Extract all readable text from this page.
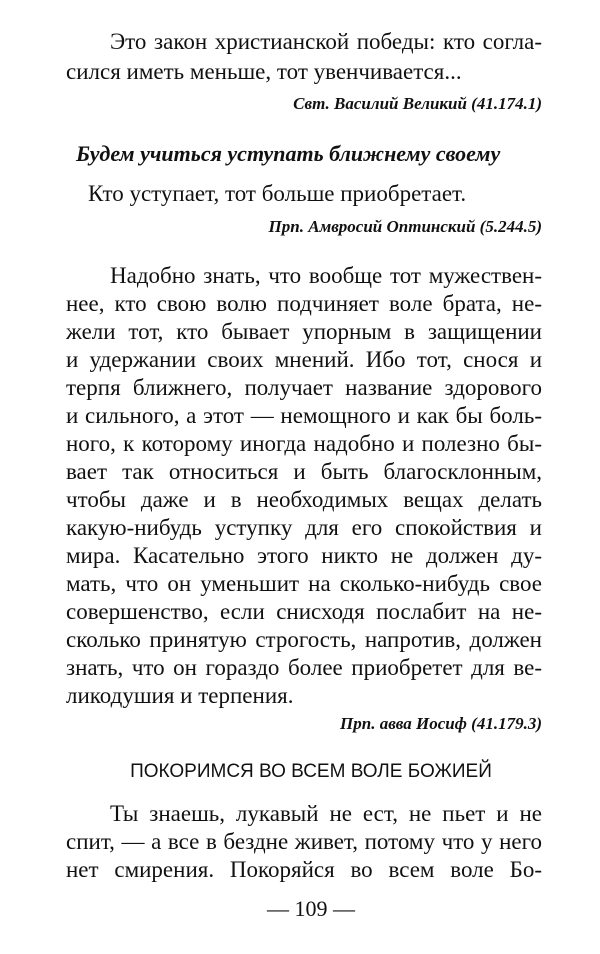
Это закон христианской победы: кто согла-
сился иметь меньше, тот увенчивается...
Свт. Василий Великий (41.174.1)
Будем учиться уступать ближнему своему
Кто уступает, тот больше приобретает.
Прп. Амвросий Оптинский (5.244.5)
Надобно знать, что вообще тот мужествен-
нее, кто свою волю подчиняет воле брата, не-
жели тот, кто бывает упорным в защищении
и удержании своих мнений. Ибо тот, снося и
терпя ближнего, получает название здорового
и сильного, а этот — немощного и как бы боль-
ного, к которому иногда надобно и полезно бы-
вает так относиться и быть благосклонным,
чтобы даже и в необходимых вещах делать
какую-нибудь уступку для его спокойствия и
мира. Касательно этого никто не должен ду-
мать, что он уменьшит на сколько-нибудь свое
совершенство, если снисходя послабит на не-
сколько принятую строгость, напротив, должен
знать, что он гораздо более приобретет для ве-
ликодушия и терпения.
Прп. авва Иосиф (41.179.3)
ПОКОРИМСЯ ВО ВСЕМ ВОЛЕ БОЖИЕЙ
Ты знаешь, лукавый не ест, не пьет и не
спит, — а все в бездне живет, потому что у него
нет смирения. Покоряйся во всем воле Бо-
— 109 —
